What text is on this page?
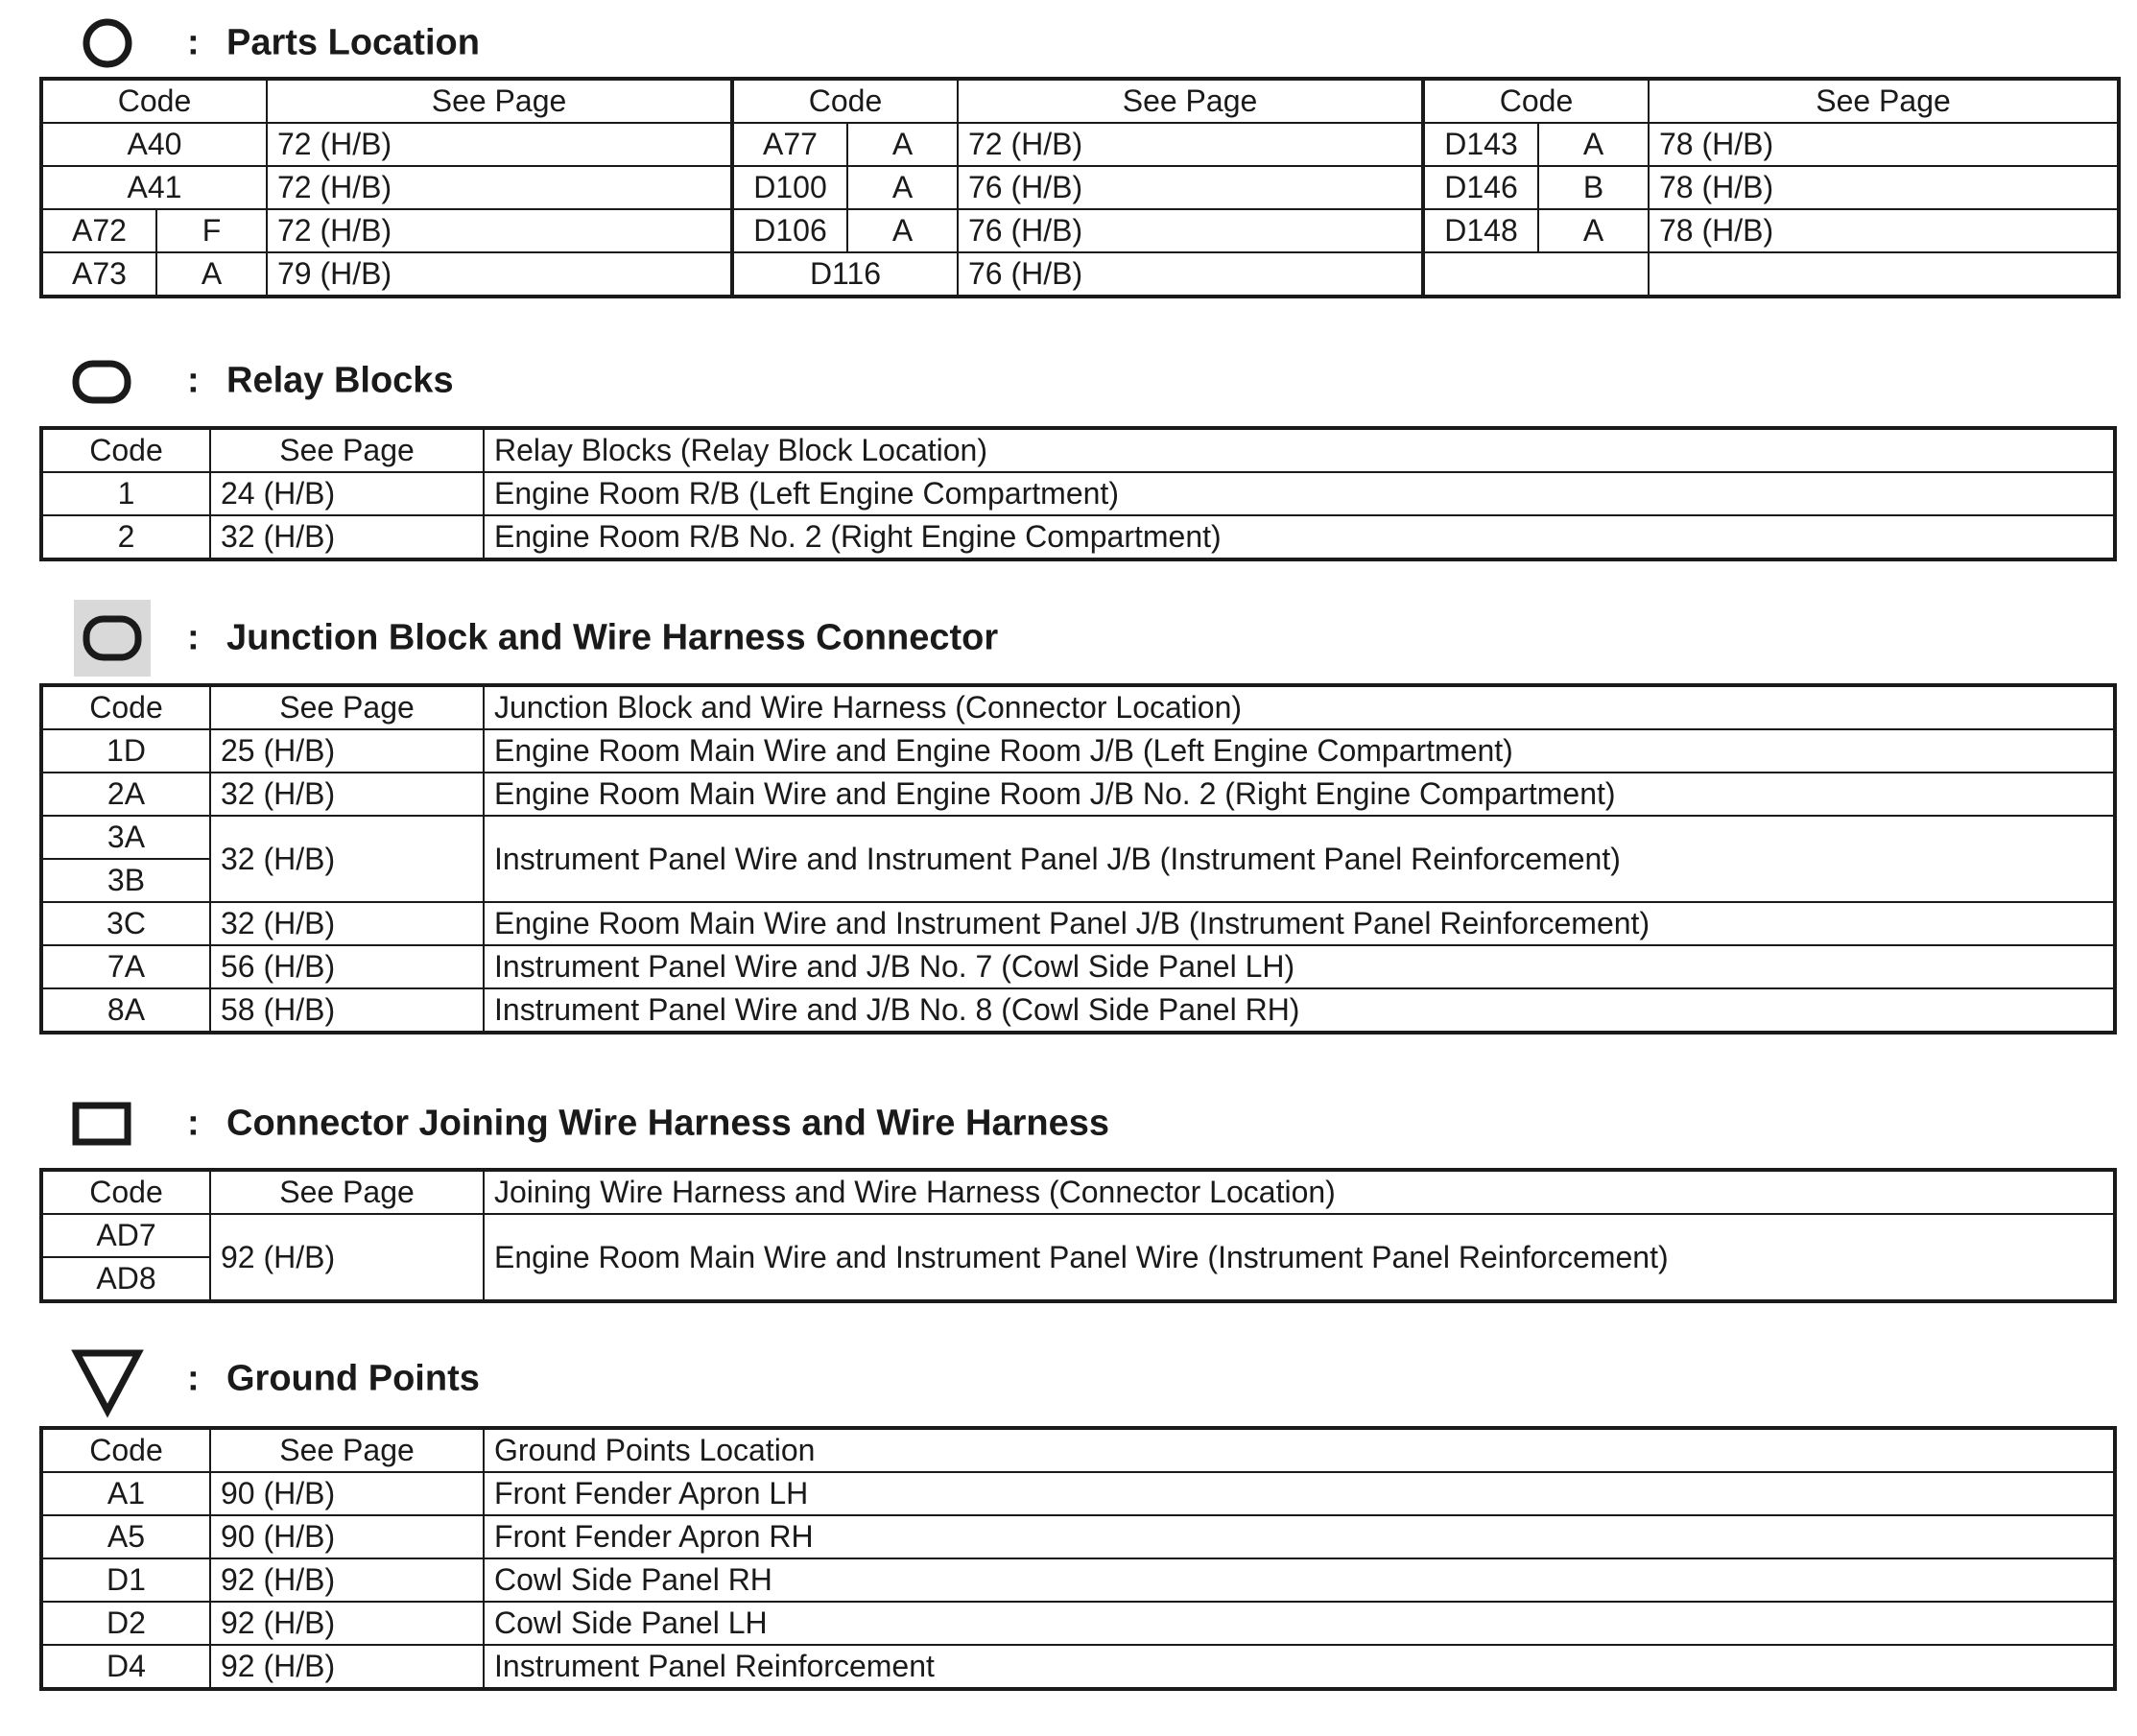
: Parts Location
Code		See Page	Code		See Page	Code		See Page
A40		72 (H/B)	A77	A	72 (H/B)	D143	A	78 (H/B)
A41		72 (H/B)	D100	A	76 (H/B)	D146	B	78 (H/B)
A72	F	72 (H/B)	D106	A	76 (H/B)	D148	A	78 (H/B)
A73	A	79 (H/B)	D116		76 (H/B)			
: Relay Blocks
Code	See Page	Relay Blocks (Relay Block Location)
1	24 (H/B)	Engine Room R/B (Left Engine Compartment)
2	32 (H/B)	Engine Room R/B No. 2 (Right Engine Compartment)
: Junction Block and Wire Harness Connector
Code	See Page	Junction Block and Wire Harness (Connector Location)
1D	25 (H/B)	Engine Room Main Wire and Engine Room J/B (Left Engine Compartment)
2A	32 (H/B)	Engine Room Main Wire and Engine Room J/B No. 2 (Right Engine Compartment)
3A	32 (H/B)	Instrument Panel Wire and Instrument Panel J/B (Instrument Panel Reinforcement)
3B		
3C	32 (H/B)	Engine Room Main Wire and Instrument Panel J/B (Instrument Panel Reinforcement)
7A	56 (H/B)	Instrument Panel Wire and J/B No. 7 (Cowl Side Panel LH)
8A	58 (H/B)	Instrument Panel Wire and J/B No. 8 (Cowl Side Panel RH)
: Connector Joining Wire Harness and Wire Harness
Code	See Page	Joining Wire Harness and Wire Harness (Connector Location)
AD7	92 (H/B)	Engine Room Main Wire and Instrument Panel Wire (Instrument Panel Reinforcement)
AD8		
: Ground Points
Code	See Page	Ground Points Location
A1	90 (H/B)	Front Fender Apron LH
A5	90 (H/B)	Front Fender Apron RH
D1	92 (H/B)	Cowl Side Panel RH
D2	92 (H/B)	Cowl Side Panel LH
D4	92 (H/B)	Instrument Panel Reinforcement
